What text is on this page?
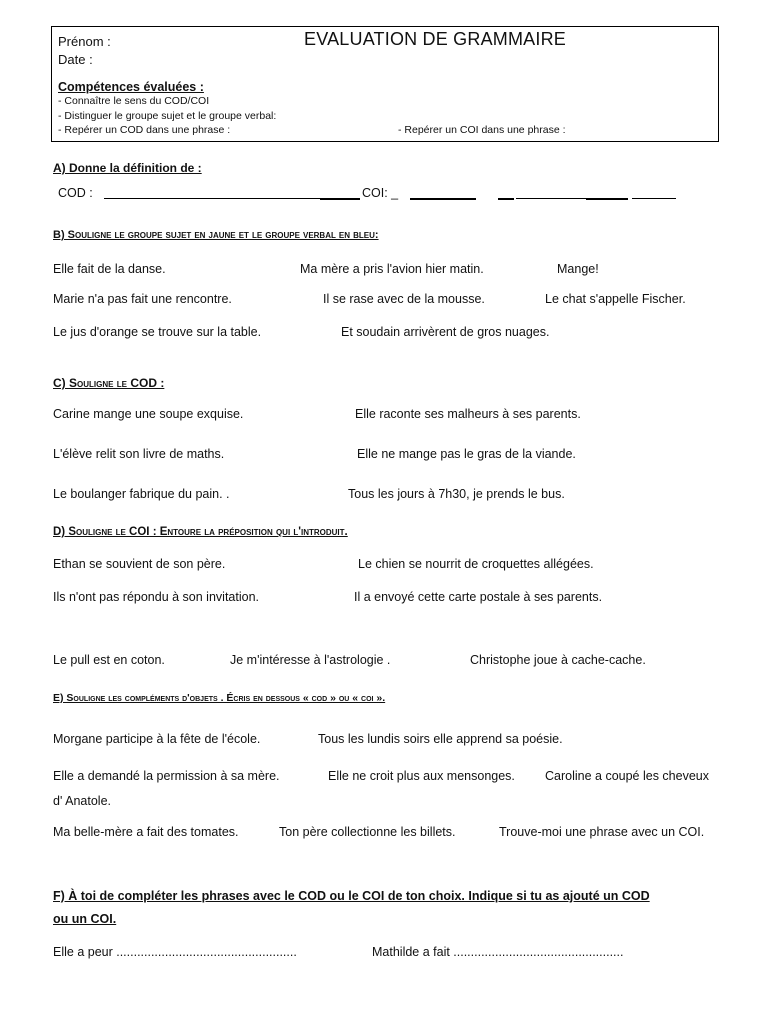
Prénom :
Date :
EVALUATION DE GRAMMAIRE
Compétences évaluées :
- Connaître le sens du COD/COI
- Distinguer le groupe sujet et le groupe verbal:
- Repérer un COD dans une phrase :	- Repérer un COI dans une phrase :
A) Donne la définition de :
COD :	COI: _
B) Souligne le groupe sujet en jaune et le groupe verbal en bleu:
Elle fait de la danse.	Ma mère a pris l'avion hier matin.	Mange!
Marie n'a pas fait une rencontre.	Il se rase avec de la mousse.	Le chat s'appelle Fischer.
Le jus d'orange se trouve sur la table.	Et soudain arrivèrent de gros nuages.
C) Souligne le COD :
Carine mange une soupe exquise.	Elle raconte ses malheurs à ses parents.
L'élève relit son livre de maths.	Elle ne mange pas le gras de la viande.
Le boulanger fabrique du pain. .	Tous les jours à 7h30, je prends le bus.
D) Souligne le COI : Entoure la préposition qui l'introduit.
Ethan se souvient de son père.	Le chien se nourrit de croquettes allégées.
Ils n'ont pas répondu à son invitation.	Il a envoyé cette carte postale à ses parents.
Le pull est en coton.	Je m'intéresse à l'astrologie .	Christophe joue à cache-cache.
E) Souligne les compléments d'objets . Écris en dessous « cod » ou « coi ».
Morgane participe à la fête de l'école.	Tous les lundis soirs elle apprend sa poésie.
Elle a demandé la permission à sa mère.	Elle ne croit plus aux mensonges. Caroline a coupé les cheveux
d' Anatole.
Ma belle-mère a fait des tomates.	Ton père collectionne les billets.	Trouve-moi une phrase avec un COI.
F) À toi de compléter les phrases avec le COD ou le COI de ton choix. Indique si tu as ajouté un COD
ou un COI.
Elle a peur ....................................................	Mathilde a fait .................................................
